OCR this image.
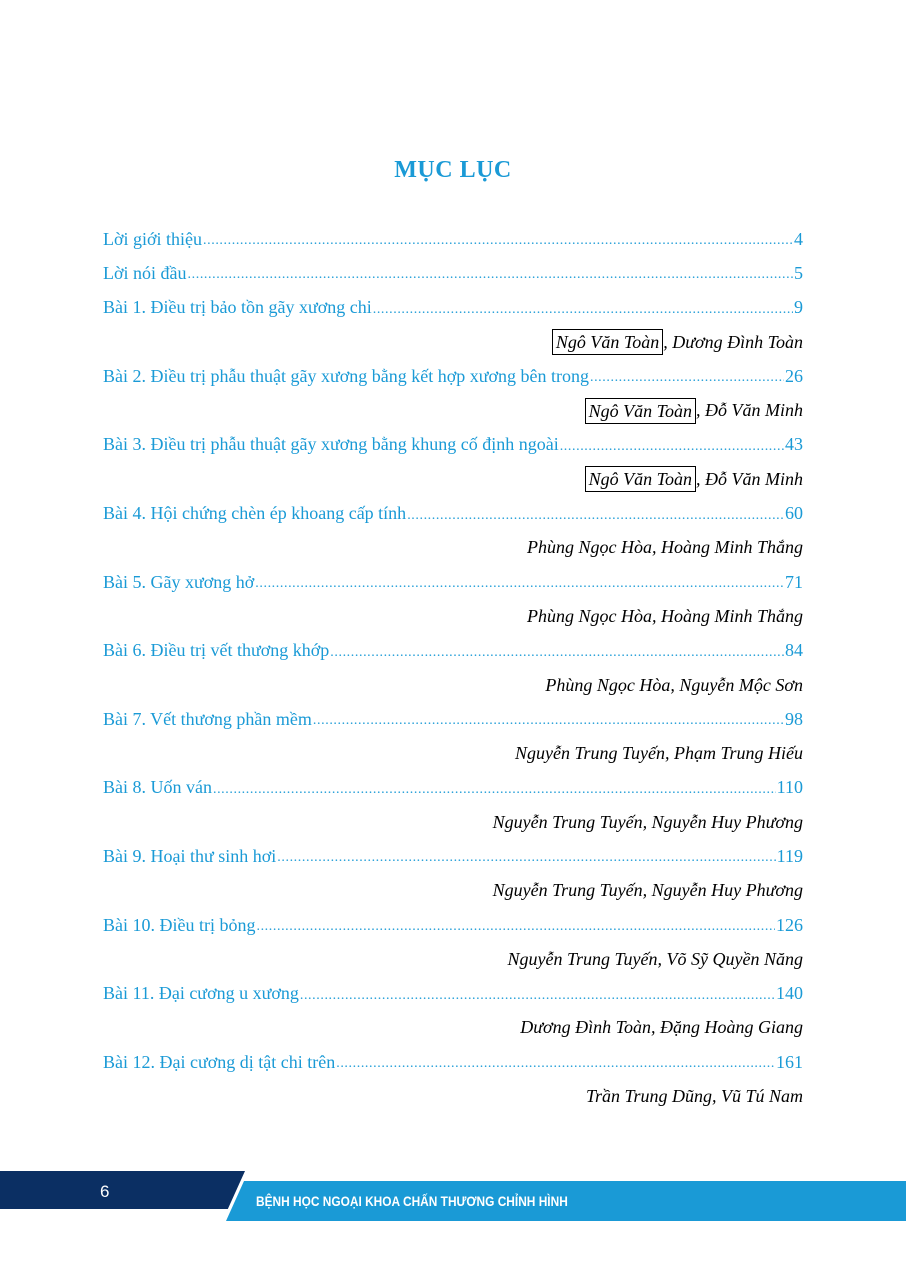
MỤC LỤC
Lời giới thiệu .....	4
Lời nói đầu .....	5
Bài 1. Điều trị bảo tồn gãy xương chi .....	9
Ngô Văn Toàn , Dương Đình Toàn
Bài 2. Điều trị phẫu thuật gãy xương bằng kết hợp xương bên trong .....	26
Ngô Văn Toàn , Đỗ Văn Minh
Bài 3. Điều trị phẫu thuật gãy xương bằng khung cố định ngoài .....	43
Ngô Văn Toàn , Đỗ Văn Minh
Bài 4. Hội chứng chèn ép khoang cấp tính .....	60
Phùng Ngọc Hòa, Hoàng Minh Thắng
Bài 5. Gãy xương hở .....	71
Phùng Ngọc Hòa, Hoàng Minh Thắng
Bài 6. Điều trị vết thương khớp .....	84
Phùng Ngọc Hòa, Nguyễn Mộc Sơn
Bài 7. Vết thương phần mềm .....	98
Nguyễn Trung Tuyến, Phạm Trung Hiếu
Bài 8. Uốn ván .....	110
Nguyễn Trung Tuyến, Nguyễn Huy Phương
Bài 9. Hoại thư sinh hơi .....	119
Nguyễn Trung Tuyến, Nguyễn Huy Phương
Bài 10. Điều trị bỏng .....	126
Nguyễn Trung Tuyến, Võ Sỹ Quyền Năng
Bài 11. Đại cương u xương .....	140
Dương Đình Toàn, Đặng Hoàng Giang
Bài 12. Đại cương dị tật chi trên .....	161
Trần Trung Dũng, Vũ Tú Nam
6	BỆNH HỌC NGOẠI KHOA CHẤN THƯƠNG CHỈNH HÌNH
